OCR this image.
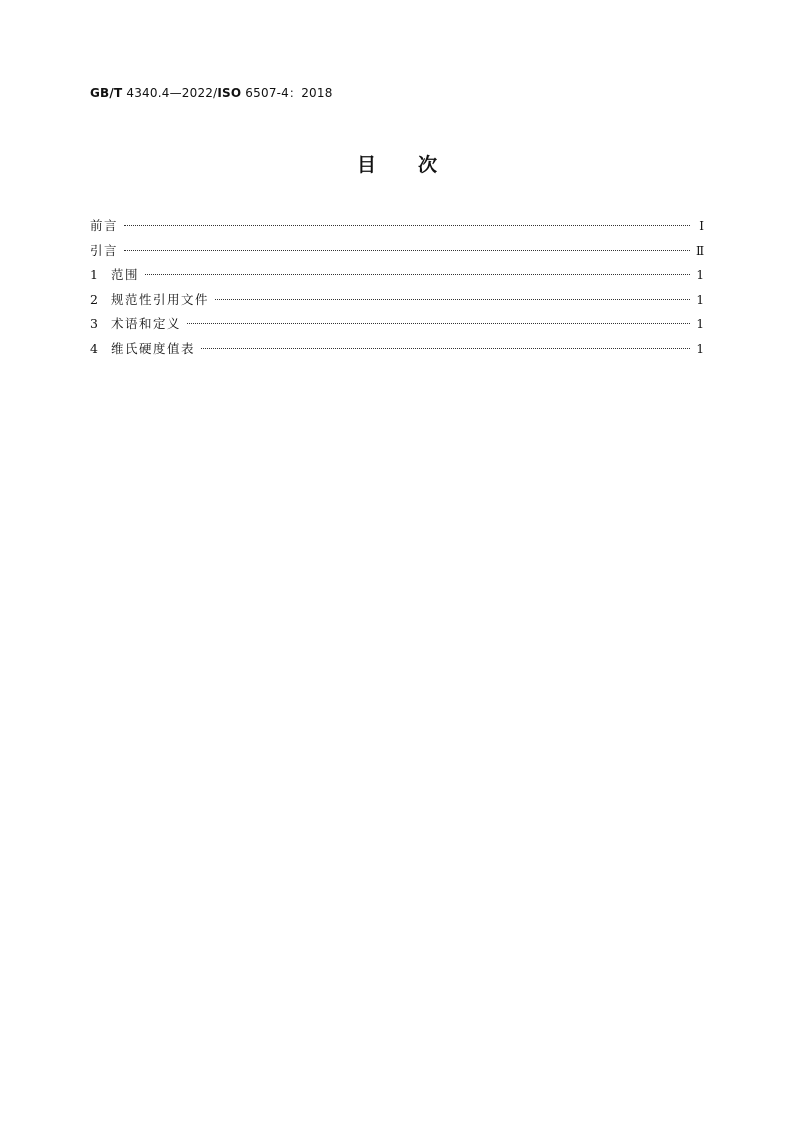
GB/T 4340.4—2022/ISO 6507-4：2018
目次
前言	Ⅰ
引言	Ⅱ
1	范围	1
2	规范性引用文件	1
3	术语和定义	1
4	维氏硬度值表	1
